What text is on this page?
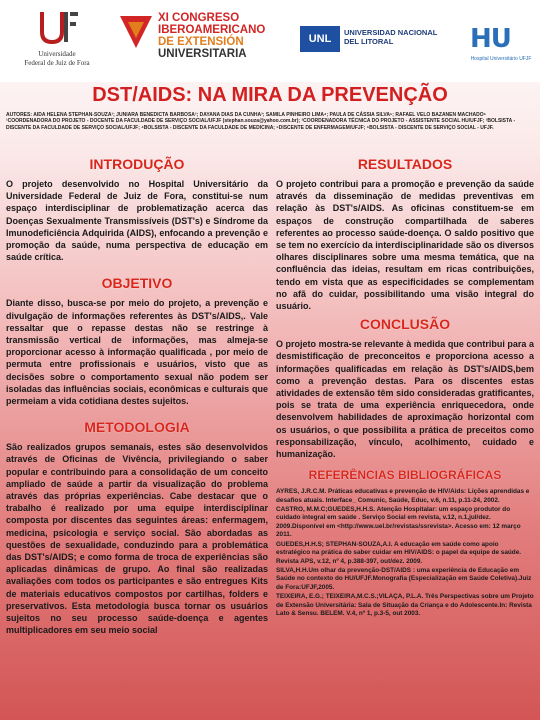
Universidade
Federal de Juiz de Fora
XI CONGRESO
IBEROAMERICANO
DE EXTENSIÓN
UNIVERSITARIA
UNL
UNIVERSIDAD NACIONAL
DEL LITORAL	HU
Hospital Universitário UFJF
DST/AIDS: NA MIRA DA PREVENÇÃO
AUTORES: AIDA HELENA STEPHAN-SOUZA¹; JUNIARA BENEDICTA BARBOSA²; DAYANA DIAS DA CUNHA³; SAMILA PINHEIRO LIMA⁴; PAULA DE CÁSSIA SILVA⁵; RAFAEL VELO BAZANEN MACHADO⁶
¹COORDENADORA DO PROJETO - DOCENTE DA FACULDADE DE SERVIÇO SOCIAL/UFJF (stephan.souza@yahoo.com.br); ²COORDENADORA TÉCNICA DO PROJETO - ASSISTENTE SOCIAL HU/UFJF; ³BOLSISTA - DISCENTE DA FACULDADE DE SERVIÇO SOCIAL/UFJF; ⁴BOLSISTA - DISCENTE DA FACULDADE DE MEDICINA; ⁵DISCENTE DE ENFERMAGEM/UFJF; ⁶BOLSISTA - DISCENTE DE SERVIÇO SOCIAL - UFJF.
INTRODUÇÃO

O projeto desenvolvido no Hospital Universitário da Universidade Federal de Juiz de Fora, constitui-se num espaço interdisciplinar de problematização acerca das Doenças Sexualmente Transmissíveis (DST's) e Síndrome da Imunodeficiência Adquirida (AIDS), enfocando a prevenção e promoção da saúde, numa perspectiva de educação em saúde crítica.

OBJETIVO

Diante disso, busca-se por meio do projeto, a prevenção e divulgação de informações referentes às DST's/AIDS,. Vale ressaltar que o repasse destas não se restringe à transmissão vertical de informações, mas almeja-se proporcionar acesso à informação qualificada , por meio de permuta entre profissionais e usuários, visto que as decisões sobre o comportamento sexual não podem ser isoladas das influências sociais, econômicas e culturais que permeiam a vida cotidiana destes sujeitos.

METODOLOGIA

São realizados grupos semanais, estes são desenvolvidos através de Oficinas de Vivência, privilegiando o saber popular e contribuindo para a consolidação de um conceito ampliado de saúde a partir da visualização do problema através das próprias experiências. Cabe destacar que o trabalho é realizado por uma equipe interdisciplinar composta por discentes das seguintes áreas: enfermagem, medicina, psicologia e serviço social. São abordadas as questões de sexualidade, conduzindo para a problemática das DST's/AIDS; e como forma de troca de experiências são aplicadas dinâmicas de grupo. Ao final são realizadas avaliações com todos os participantes e são entregues Kits de materiais educativos compostos por cartilhas, folders e preservativos. Esta metodologia busca tornar os usuários sujeitos no seu processo saúde-doença e agentes multiplicadores em seu meio social

RESULTADOS

O projeto contribui para a promoção e prevenção da saúde através da disseminação de medidas preventivas em relação às DST's/AIDS. As oficinas constituem-se em espaços de construção compartilhada de saberes referentes ao processo saúde-doença. O saldo positivo que se tem no exercício da interdisciplinaridade são os diversos olhares disciplinares sobre uma mesma temática, que na confluência das ideias, resultam em ricas contribuições, tendo em vista que as especificidades se complementam no afã do cuidar, possibilitando uma visão integral do usuário.

CONCLUSÃO

O projeto mostra-se relevante à medida que contribui para a desmistificação de preconceitos e proporciona acesso a informações qualificadas em relação às DST's/AIDS,bem como a prevenção destas. Para os discentes estas atividades de extensão têm sido consideradas gratificantes, pois se trata de uma experiência enriquecedora, onde desenvolvem habilidades de aproximação horizontal com os usuários, o que possibilita a prática de preceitos como responsabilização, vínculo, acolhimento, cuidado e humanização.

REFERÊNCIAS BIBLIOGRÁFICAS

AYRES, J.R.C.M. Práticas educativas e prevenção de HIV/Aids: Lições aprendidas e desafios atuais. Interface_ Comunic, Saúde, Educ, v.6, n.11, p.11-24, 2002.

CASTRO, M.M.C;GUEDES,H.H.S. Atenção Hospitalar: um espaço produtor do cuidado integral em saúde . Serviço Social em revista, v.12, n.1,jul/dez. 2009.Disponível em <http://www.uel.br/revistas/ssrevista>. Acesso em: 12 março 2011.

GUEDES,H.H.S; STEPHAN-SOUZA,A.I. A educação em saúde como apoio estratégico na prática do saber cuidar em HIV/AIDS: o papel da equipe de saúde. Revista APS, v.12, nº 4, p.388-397, out/dez. 2009.

SILVA,H.H.Um olhar da prevenção-DST/AIDS : uma experiência de Educação em Saúde no contexto do HU/UFJF.Monografia (Especialização em Saúde Coletiva).Juiz de Fora:UFJF,2005.

TEIXEIRA, E.G.; TEIXEIRA,M.C.S.;VILAÇA, P.L.A. Três Perspectivas sobre um Projeto de Extensão Universitária: Sala de Situação da Criança e do Adolescente.In: Revista Lato & Sensu. BELEM. V.4, nº 1, p.3-5, out 2003.
